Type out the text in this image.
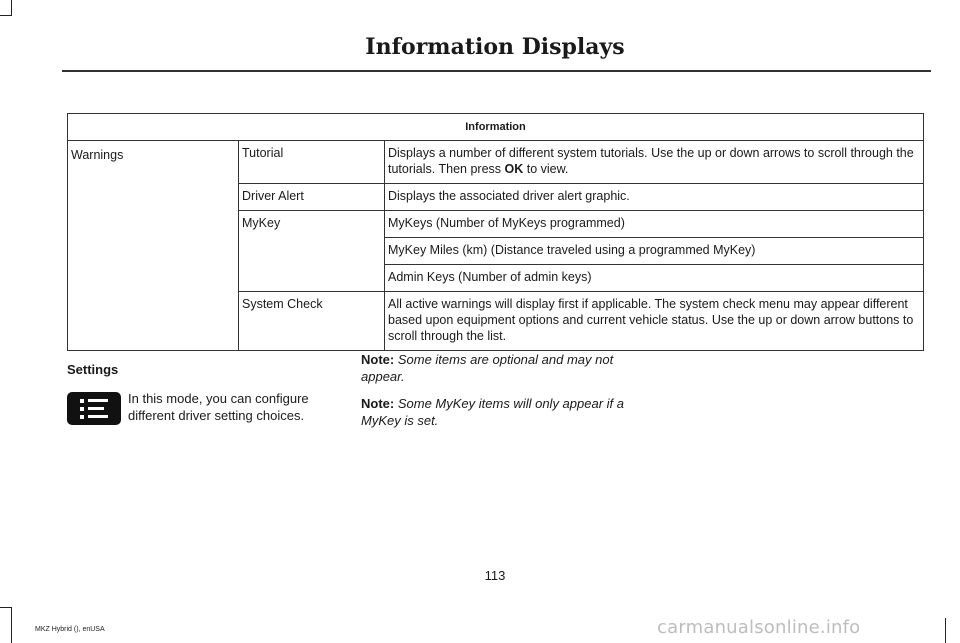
Information Displays
Information		

Warnings	Tutorial	Displays a number of different system tutorials. Use the up or down arrows to scroll through the tutorials. Then press OK to view.

	Driver Alert	Displays the associated driver alert graphic.

	MyKey	MyKeys (Number of MyKeys programmed)

		MyKey Miles (km) (Distance traveled using a programmed MyKey)

		Admin Keys (Number of admin keys)

	System Check	All active warnings will display first if applicable. The system check menu may appear different based upon equipment options and current vehicle status. Use the up or down arrow buttons to scroll through the list.
Settings
In this mode, you can configure different driver setting choices.

Note: Some items are optional and may not appear.

Note: Some MyKey items will only appear if a MyKey is set.

113
MKZ Hybrid (), enUSA	carmanualsonline.info
